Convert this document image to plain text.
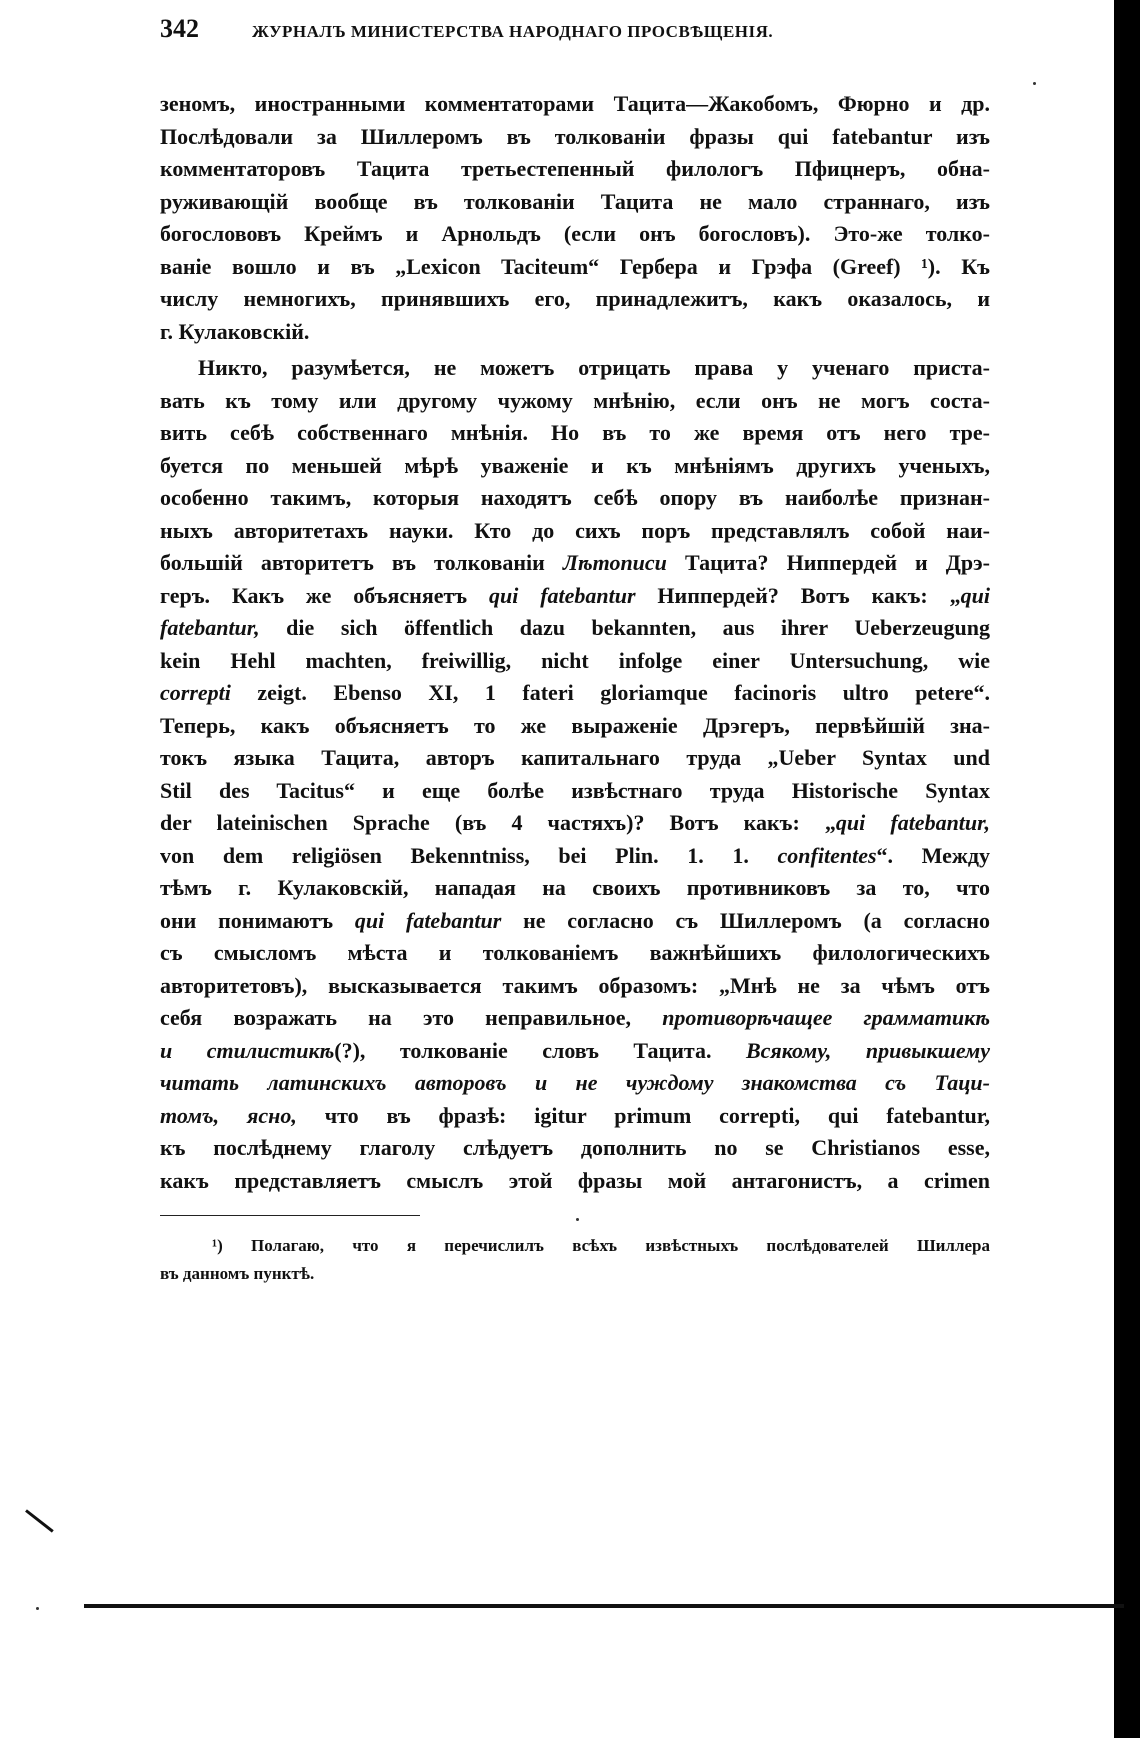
342	ЖУРНАЛЪ МИНИСТЕРСТВА НАРОДНАГО ПРОСВѢЩЕНІЯ.
зеномъ, иностранными комментаторами Тацита—Жакобомъ, Фюрно и др.
Послѣдовали за Шиллеромъ въ толкованіи фразы qui fatebantur изъ
комментаторовъ Тацита третьестепенный филологъ Пфицнеръ, обна-
руживающій вообще въ толкованіи Тацита не мало страннаго, изъ
богослововъ Креймъ и Арнольдъ (если онъ богословъ). Это-же толко-
ваніе вошло и въ „Lexicon Taciteum“ Гербера и Грэфа (Greef) ¹). Къ
числу немногихъ, принявшихъ его, принадлежитъ, какъ оказалось, и
г. Кулаковскій.
Никто, разумѣется, не можетъ отрицать права у ученаго приста-
вать къ тому или другому чужому мнѣнію, если онъ не могъ соста-
вить себѣ собственнаго мнѣнія. Но въ то же время отъ него тре-
буется по меньшей мѣрѣ уваженіе и къ мнѣніямъ другихъ ученыхъ,
особенно такимъ, которыя находятъ себѣ опору въ наиболѣе признан-
ныхъ авторитетахъ науки. Кто до сихъ поръ представлялъ собой наи-
большій авторитетъ въ толкованіи Лѣтописи Тацита? Ниппердей и Дрэ-
геръ. Какъ же объясняетъ qui fatebantur Ниппердей? Вотъ какъ: „qui
fatebantur, die sich öffentlich dazu bekannten, aus ihrer Ueberzeugung
kein Hehl machten, freiwillig, nicht infolge einer Untersuchung, wie
correpti zeigt. Ebenso XI, 1 fateri gloriamque facinoris ultro petere“.
Теперь, какъ объясняетъ то же выраженіе Дрэгеръ, первѣйшій зна-
токъ языка Тацита, авторъ капитальнаго труда „Ueber Syntax und
Stil des Tacitus“ и еще болѣе извѣстнаго труда Historische Syntax
der lateinischen Sprache (въ 4 частяхъ)? Вотъ какъ: „qui fatebantur,
von dem religiösen Bekenntniss, bei Plin. 1. 1. confitentes“. Между
тѣмъ г. Кулаковскій, нападая на своихъ противниковъ за то, что
они понимаютъ qui fatebantur не согласно съ Шиллеромъ (а согласно
съ смысломъ мѣста и толкованіемъ важнѣйшихъ филологическихъ
авторитетовъ), высказывается такимъ образомъ: „Мнѣ не за чѣмъ отъ
себя возражать на это неправильное, противорѣчащее грамматикѣ
и стилистикѣ(?), толкованіе словъ Тацита. Всякому, привыкшему
читать латинскихъ авторовъ и не чуждому знакомства съ Таци-
томъ, ясно, что въ фразѣ: igitur primum correpti, qui fatebantur,
къ послѣднему глаголу слѣдуетъ дополнить nо se Christianos esse,
какъ представляетъ смыслъ этой фразы мой антагонистъ, а crimen
¹) Полагаю, что я перечислилъ всѣхъ извѣстныхъ послѣдователей Шиллера
въ данномъ пунктѣ.
